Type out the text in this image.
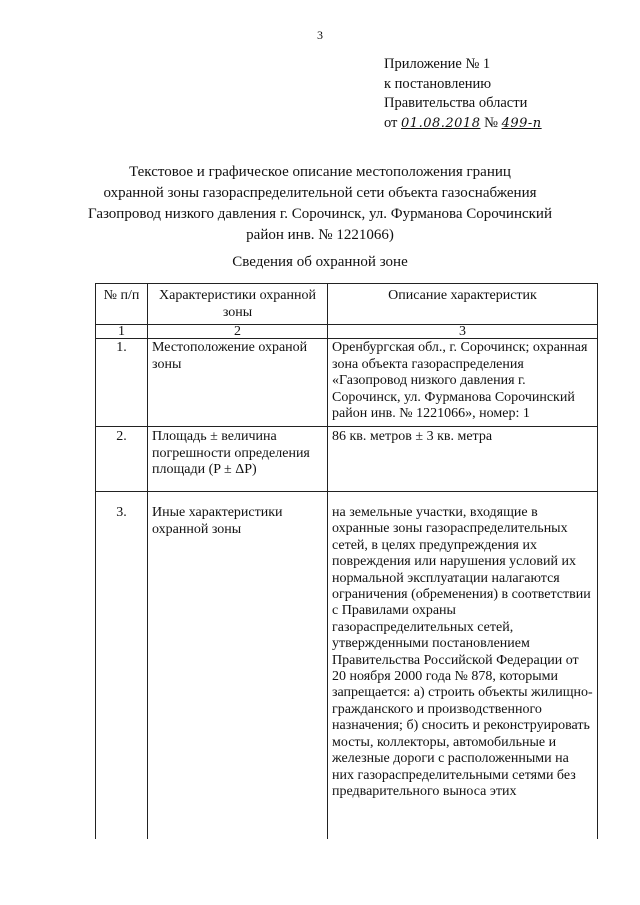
3
Приложение № 1
к постановлению
Правительства области
от 01.08.2018 № 499-п
Текстовое и графическое описание местоположения границ
охранной зоны газораспределительной сети объекта газоснабжения
Газопровод низкого давления г. Сорочинск, ул. Фурманова Сорочинский
район инв. № 1221066)
Сведения об охранной зоне
№ п/п	Характеристики охранной зоны	Описание характеристик
1	2	3
1.	Местоположение охраной зоны	Оренбургская обл., г. Сорочинск; охранная зона объекта газораспределения «Газопровод низкого давления г. Сорочинск, ул. Фурманова Сорочинский район инв. № 1221066», номер: 1
2.	Площадь ± величина погрешности определения площади (P ± ΔP)	86 кв. метров ± 3 кв. метра
3.	Иные характеристики охранной зоны	на земельные участки, входящие в охранные зоны газораспределительных сетей, в целях предупреждения их повреждения или нарушения условий их нормальной эксплуатации налагаются ограничения (обременения) в соответствии с Правилами охраны газораспределительных сетей, утвержденными постановлением Правительства Российской Федерации от 20 ноября 2000 года № 878, которыми запрещается: а) строить объекты жилищно-гражданского и производственного назначения; б) сносить и реконструировать мосты, коллекторы, автомобильные и железные дороги с расположенными на них газораспределительными сетями без предварительного выноса этих
